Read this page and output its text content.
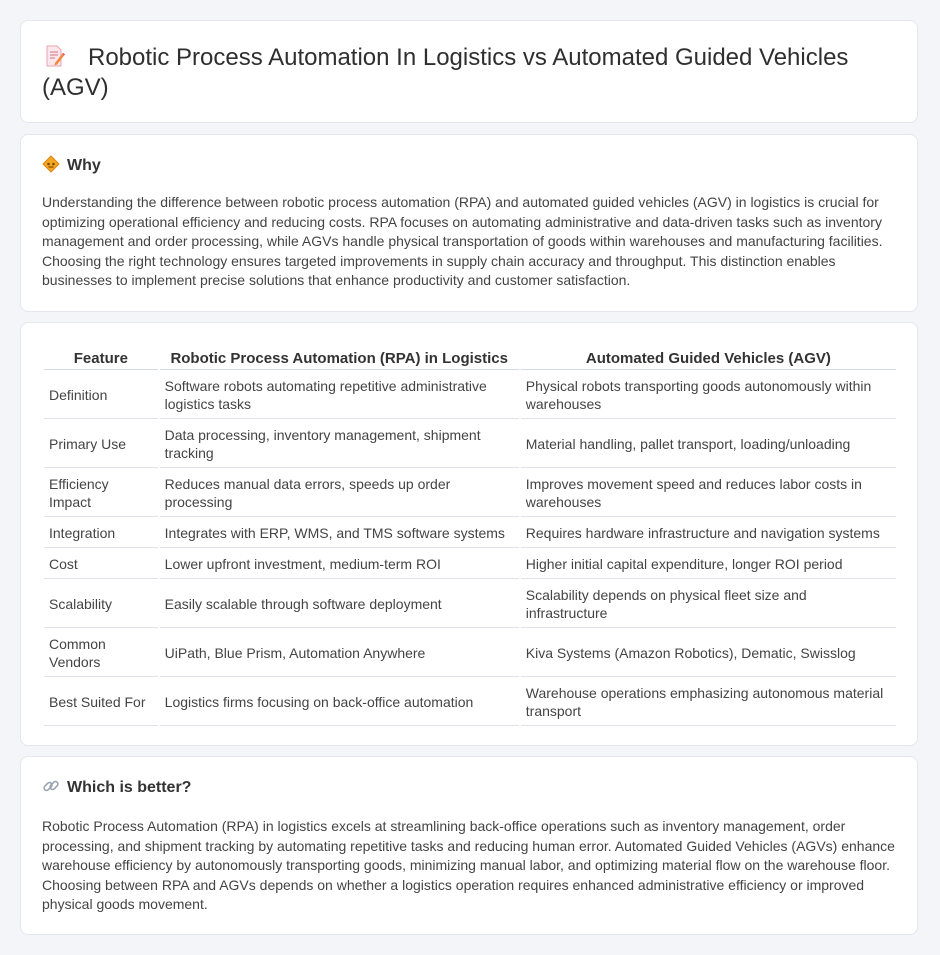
Robotic Process Automation In Logistics vs Automated Guided Vehicles (AGV)
Why

Understanding the difference between robotic process automation (RPA) and automated guided vehicles (AGV) in logistics is crucial for optimizing operational efficiency and reducing costs. RPA focuses on automating administrative and data-driven tasks such as inventory management and order processing, while AGVs handle physical transportation of goods within warehouses and manufacturing facilities. Choosing the right technology ensures targeted improvements in supply chain accuracy and throughput. This distinction enables businesses to implement precise solutions that enhance productivity and customer satisfaction.

Feature	Robotic Process Automation (RPA) in Logistics	Automated Guided Vehicles (AGV)
Definition	Software robots automating repetitive administrative logistics tasks	Physical robots transporting goods autonomously within warehouses
Primary Use	Data processing, inventory management, shipment tracking	Material handling, pallet transport, loading/unloading
Efficiency Impact	Reduces manual data errors, speeds up order processing	Improves movement speed and reduces labor costs in warehouses
Integration	Integrates with ERP, WMS, and TMS software systems	Requires hardware infrastructure and navigation systems
Cost	Lower upfront investment, medium-term ROI	Higher initial capital expenditure, longer ROI period
Scalability	Easily scalable through software deployment	Scalability depends on physical fleet size and infrastructure
Common Vendors	UiPath, Blue Prism, Automation Anywhere	Kiva Systems (Amazon Robotics), Dematic, Swisslog
Best Suited For	Logistics firms focusing on back-office automation	Warehouse operations emphasizing autonomous material transport
Which is better?

Robotic Process Automation (RPA) in logistics excels at streamlining back-office operations such as inventory management, order processing, and shipment tracking by automating repetitive tasks and reducing human error. Automated Guided Vehicles (AGVs) enhance warehouse efficiency by autonomously transporting goods, minimizing manual labor, and optimizing material flow on the warehouse floor. Choosing between RPA and AGVs depends on whether a logistics operation requires enhanced administrative efficiency or improved physical goods movement.
